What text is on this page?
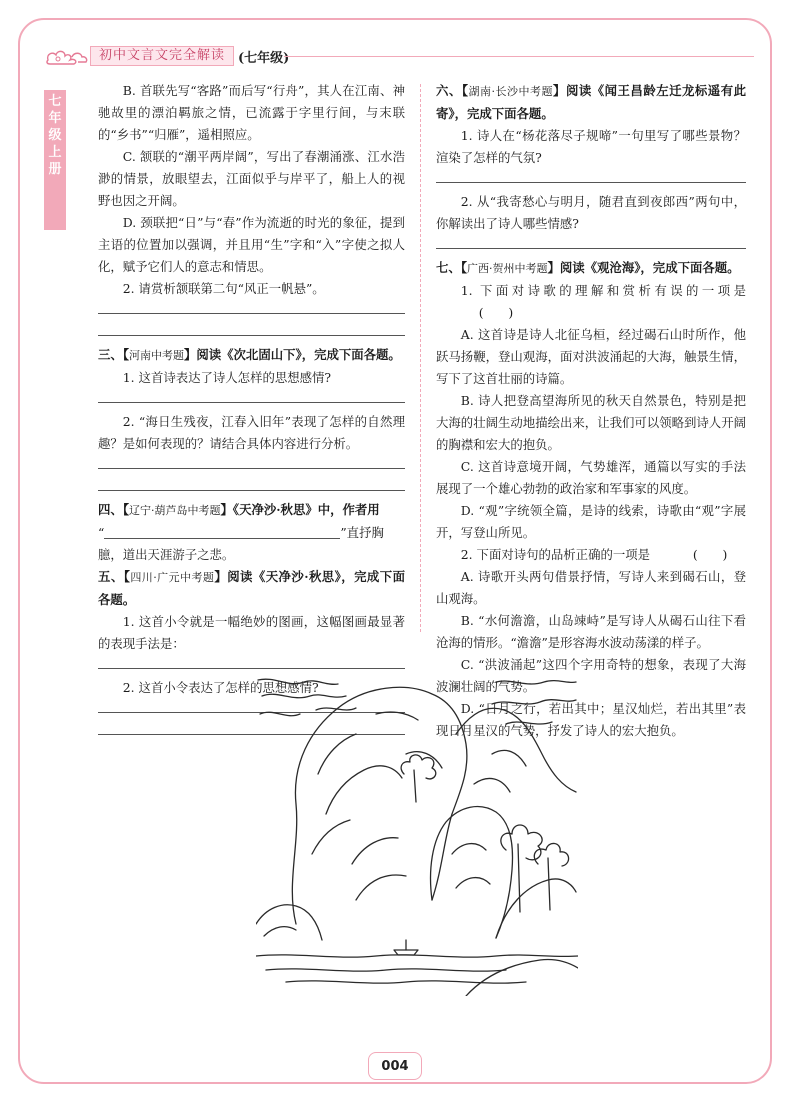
初中文言文完全解读	(七年级)
七
年
级
上
册

B. 首联先写“客路”而后写“行舟”，其人在江南、神驰故里的漂泊羁旅之情，已流露于字里行间，与末联的“乡书”“归雁”，遥相照应。

C. 颔联的“潮平两岸阔”，写出了春潮涌涨、江水浩渺的情景，放眼望去，江面似乎与岸平了，船上人的视野也因之开阔。

D. 颈联把“日”与“春”作为流逝的时光的象征，提到主语的位置加以强调，并且用“生”字和“入”字使之拟人化，赋予它们人的意志和情思。

2. 请赏析颔联第二句“风正一帆悬”。

三、【河南中考题】阅读《次北固山下》，完成下面各题。

1. 这首诗表达了诗人怎样的思想感情?

2. “海日生残夜，江春入旧年”表现了怎样的自然理趣？是如何表现的？请结合具体内容进行分析。

四、【辽宁·葫芦岛中考题】《天净沙·秋思》中，作者用

“	”直抒胸臆，道出天涯游子之悲。

五、【四川·广元中考题】阅读《天净沙·秋思》，完成下面各题。

1. 这首小令就是一幅绝妙的图画，这幅图画最显著的表现手法是：

2. 这首小令表达了怎样的思想感情?

六、【湖南·长沙中考题】阅读《闻王昌龄左迁龙标遥有此寄》，完成下面各题。

1. 诗人在“杨花落尽子规啼”一句里写了哪些景物？渲染了怎样的气氛?

2. 从“我寄愁心与明月，随君直到夜郎西”两句中，你解读出了诗人哪些情感?

七、【广西·贺州中考题】阅读《观沧海》，完成下面各题。

1. 下面对诗歌的理解和赏析有误的一项是(　　)

A. 这首诗是诗人北征乌桓，经过碣石山时所作，他跃马扬鞭，登山观海，面对洪波涌起的大海，触景生情，写下了这首壮丽的诗篇。

B. 诗人把登高望海所见的秋天自然景色，特别是把大海的壮阔生动地描绘出来，让我们可以领略到诗人开阔的胸襟和宏大的抱负。

C. 这首诗意境开阔，气势雄浑，通篇以写实的手法展现了一个雄心勃勃的政治家和军事家的风度。

D. “观”字统领全篇，是诗的线索，诗歌由“观”字展开，写登山所见。

2. 下面对诗句的品析正确的一项是	(　　)

A. 诗歌开头两句借景抒情，写诗人来到碣石山，登山观海。

B. “水何澹澹，山岛竦峙”是写诗人从碣石山往下看沧海的情形。“澹澹”是形容海水波动荡漾的样子。

C. “洪波涌起”这四个字用奇特的想象，表现了大海波澜壮阔的气势。

D. “日月之行，若出其中；星汉灿烂，若出其里”表现日月星汉的气势，抒发了诗人的宏大抱负。

004
